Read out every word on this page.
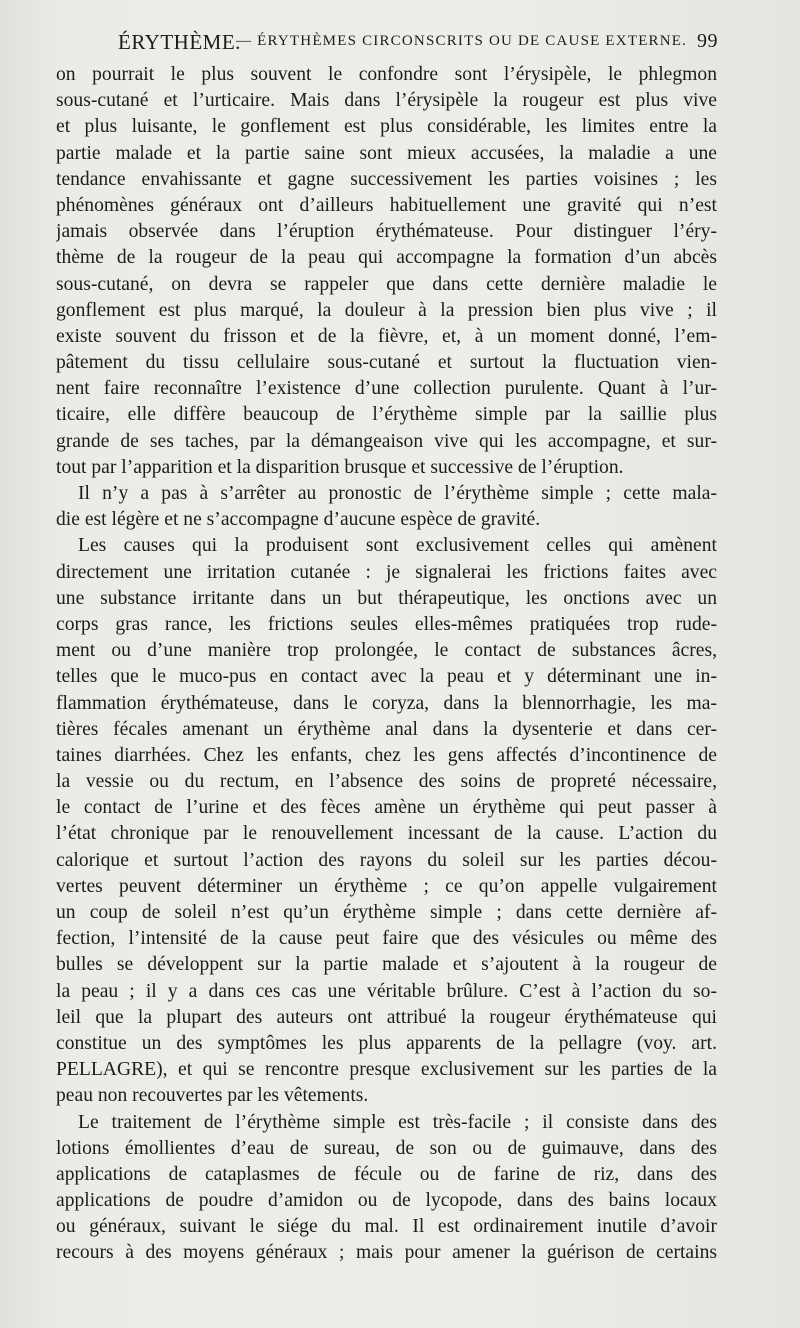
ÉRYTHÈME.
— ÉRYTHÈMES CIRCONSCRITS OU DE CAUSE EXTERNE. 99
on pourrait le plus souvent le confondre sont l’érysipèle, le phlegmon
sous-cutané et l’urticaire. Mais dans l’érysipèle la rougeur est plus vive
et plus luisante, le gonflement est plus considérable, les limites entre la
partie malade et la partie saine sont mieux accusées, la maladie a une
tendance envahissante et gagne successivement les parties voisines ; les
phénomènes généraux ont d’ailleurs habituellement une gravité qui n’est
jamais observée dans l’éruption érythémateuse. Pour distinguer l’éry-
thème de la rougeur de la peau qui accompagne la formation d’un abcès
sous-cutané, on devra se rappeler que dans cette dernière maladie le
gonflement est plus marqué, la douleur à la pression bien plus vive ; il
existe souvent du frisson et de la fièvre, et, à un moment donné, l’em-
pâtement du tissu cellulaire sous-cutané et surtout la fluctuation vien-
nent faire reconnaître l’existence d’une collection purulente. Quant à l’ur-
ticaire, elle diffère beaucoup de l’érythème simple par la saillie plus
grande de ses taches, par la démangeaison vive qui les accompagne, et sur-
tout par l’apparition et la disparition brusque et successive de l’éruption.
Il n’y a pas à s’arrêter au pronostic de l’érythème simple ; cette mala-
die est légère et ne s’accompagne d’aucune espèce de gravité.
Les causes qui la produisent sont exclusivement celles qui amènent
directement une irritation cutanée : je signalerai les frictions faites avec
une substance irritante dans un but thérapeutique, les onctions avec un
corps gras rance, les frictions seules elles-mêmes pratiquées trop rude-
ment ou d’une manière trop prolongée, le contact de substances âcres,
telles que le muco-pus en contact avec la peau et y déterminant une in-
flammation érythémateuse, dans le coryza, dans la blennorrhagie, les ma-
tières fécales amenant un érythème anal dans la dysenterie et dans cer-
taines diarrhées. Chez les enfants, chez les gens affectés d’incontinence de
la vessie ou du rectum, en l’absence des soins de propreté nécessaire,
le contact de l’urine et des fèces amène un érythème qui peut passer à
l’état chronique par le renouvellement incessant de la cause. L’action du
calorique et surtout l’action des rayons du soleil sur les parties décou-
vertes peuvent déterminer un érythème ; ce qu’on appelle vulgairement
un coup de soleil n’est qu’un érythème simple ; dans cette dernière af-
fection, l’intensité de la cause peut faire que des vésicules ou même des
bulles se développent sur la partie malade et s’ajoutent à la rougeur de
la peau ; il y a dans ces cas une véritable brûlure. C’est à l’action du so-
leil que la plupart des auteurs ont attribué la rougeur érythémateuse qui
constitue un des symptômes les plus apparents de la pellagre (voy. art.
PELLAGRE), et qui se rencontre presque exclusivement sur les parties de la
peau non recouvertes par les vêtements.
Le traitement de l’érythème simple est très-facile ; il consiste dans des
lotions émollientes d’eau de sureau, de son ou de guimauve, dans des
applications de cataplasmes de fécule ou de farine de riz, dans des
applications de poudre d’amidon ou de lycopode, dans des bains locaux
ou généraux, suivant le siége du mal. Il est ordinairement inutile d’avoir
recours à des moyens généraux ; mais pour amener la guérison de certains
